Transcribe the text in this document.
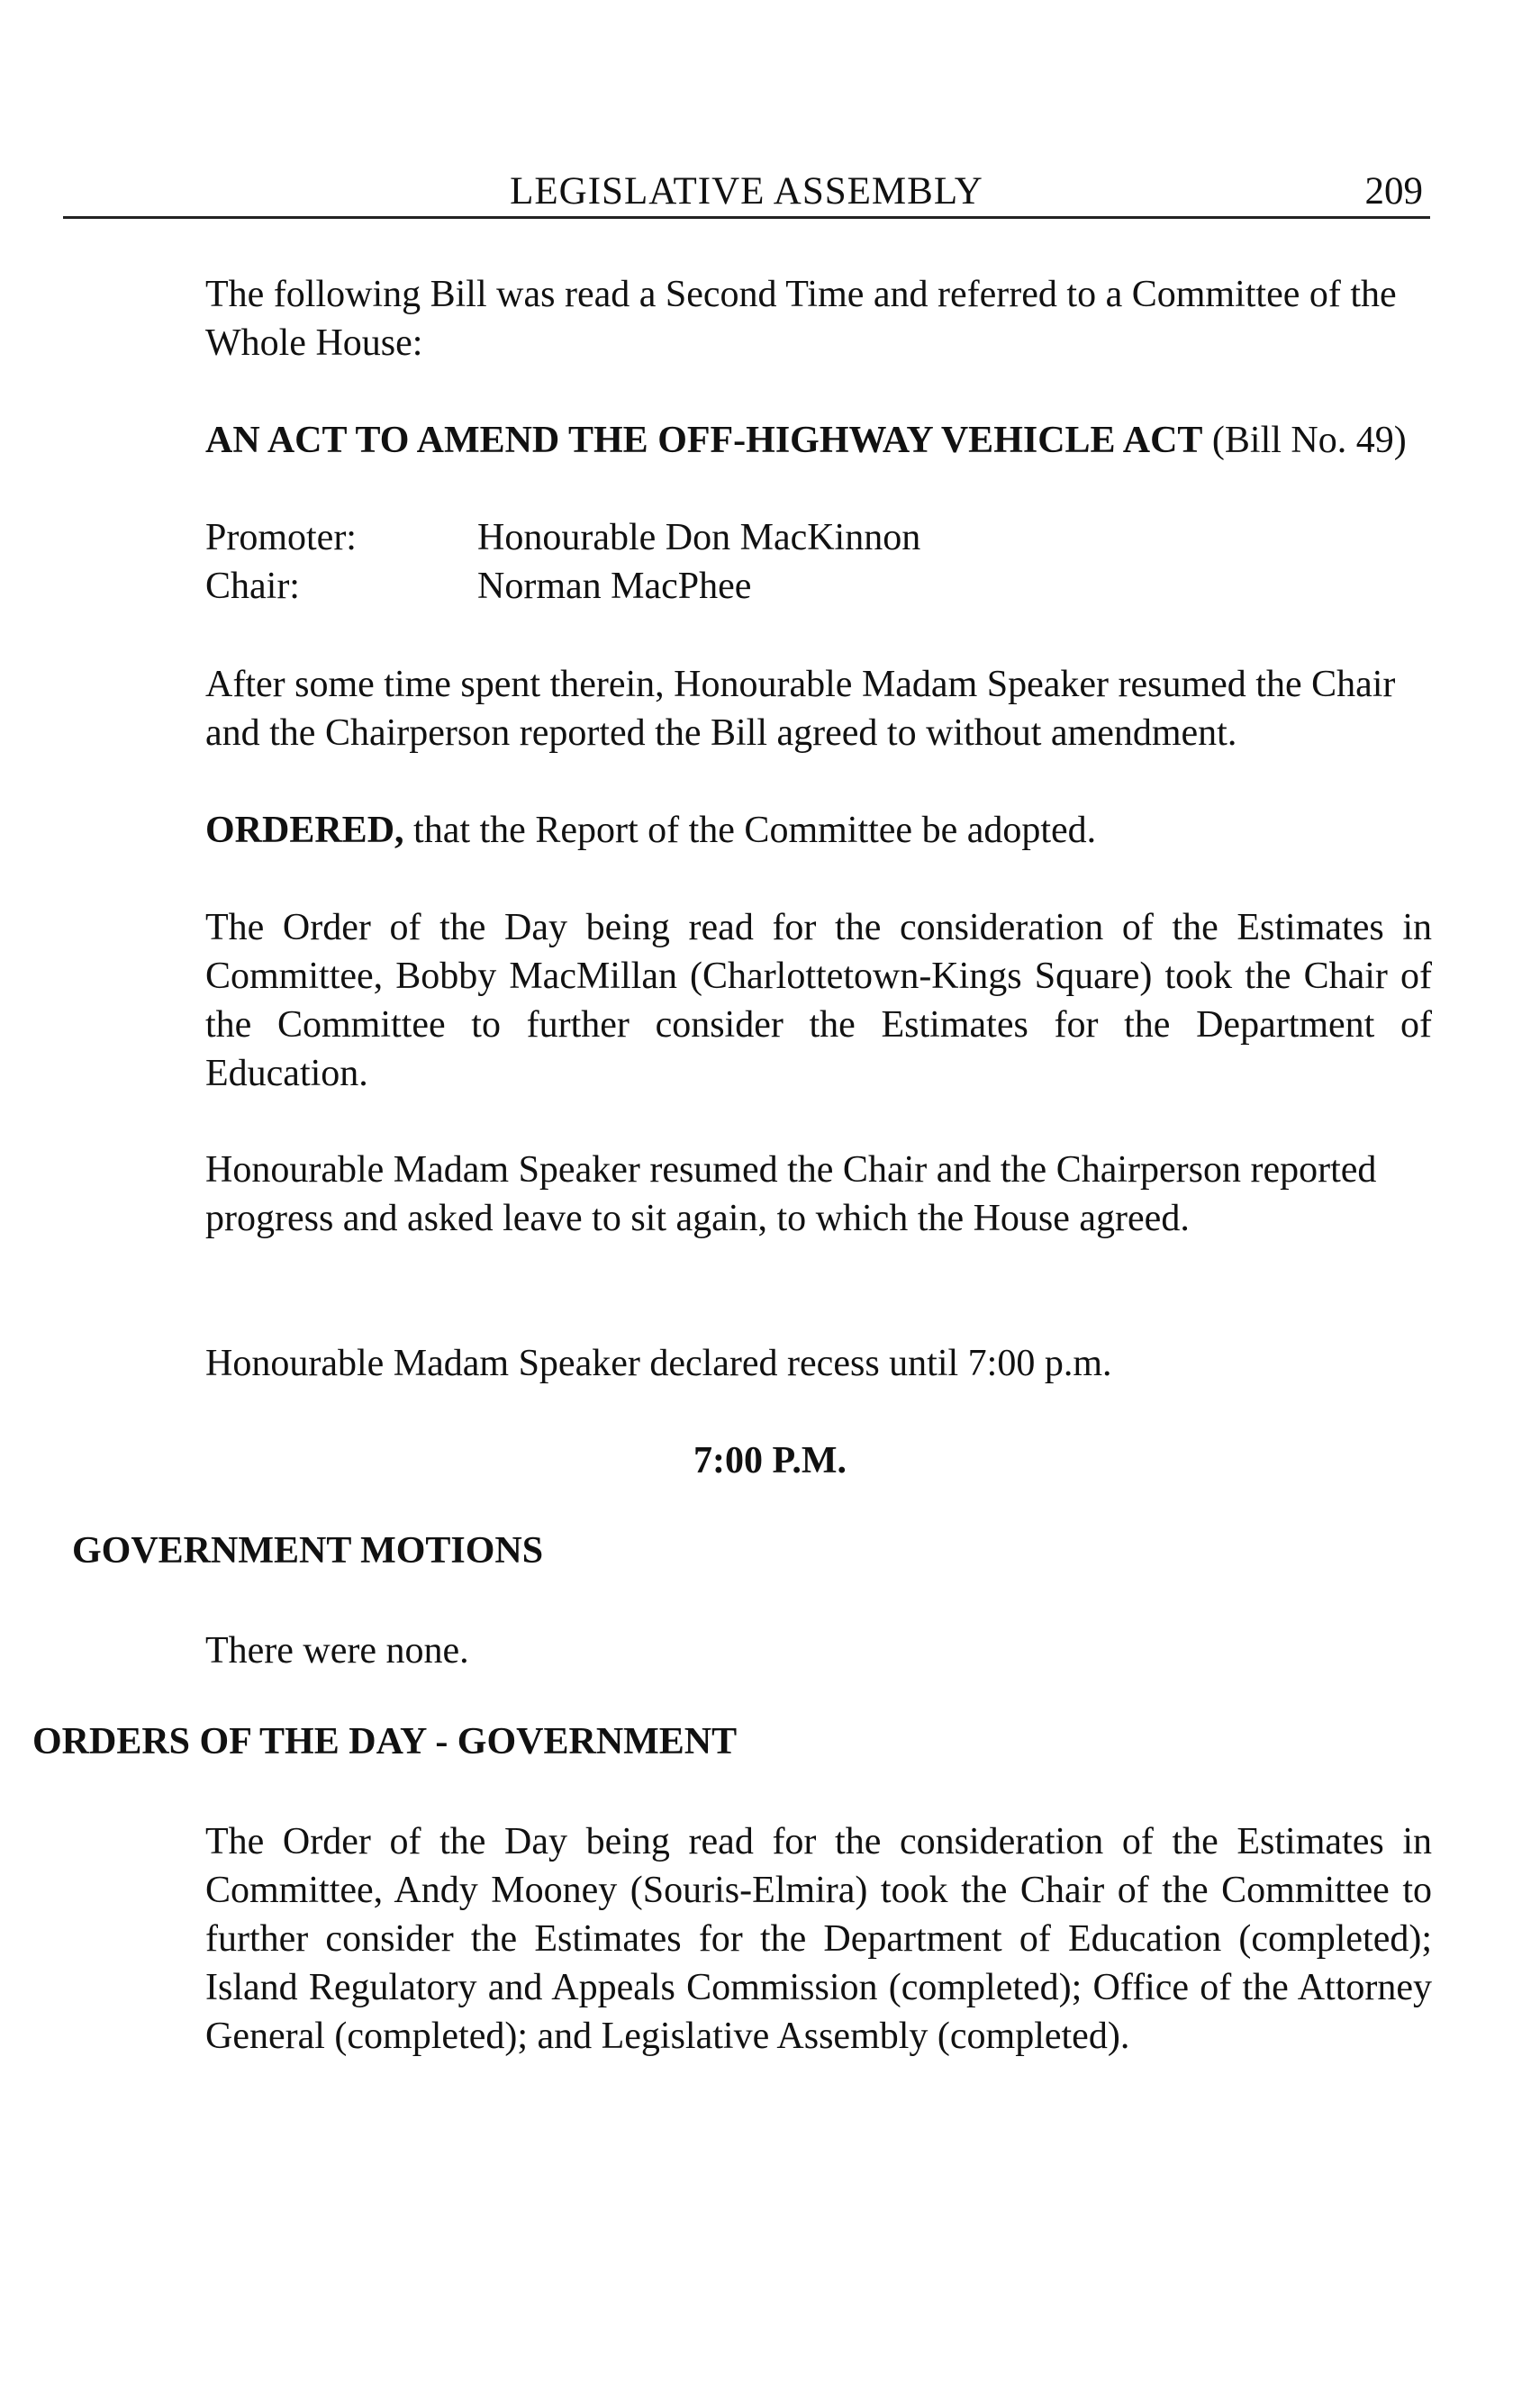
LEGISLATIVE ASSEMBLY	209

The following Bill was read a Second Time and referred to a Committee of the Whole House:

AN ACT TO AMEND THE OFF-HIGHWAY VEHICLE ACT (Bill No. 49)

Promoter:	Honourable Don MacKinnon
Chair:	Norman MacPhee

After some time spent therein, Honourable Madam Speaker resumed the Chair and the Chairperson reported the Bill agreed to without amendment.

ORDERED, that the Report of the Committee be adopted.

The Order of the Day being read for the consideration of the Estimates in Committee, Bobby MacMillan (Charlottetown-Kings Square) took the Chair of the Committee to further consider the Estimates for the Department of Education.

Honourable Madam Speaker resumed the Chair and the Chairperson reported progress and asked leave to sit again, to which the House agreed.

Honourable Madam Speaker declared recess until 7:00 p.m.

7:00 P.M.
GOVERNMENT MOTIONS

There were none.

ORDERS OF THE DAY - GOVERNMENT

The Order of the Day being read for the consideration of the Estimates in Committee, Andy Mooney (Souris-Elmira) took the Chair of the Committee to further consider the Estimates for the Department of Education (completed); Island Regulatory and Appeals Commission (completed); Office of the Attorney General (completed); and Legislative Assembly (completed).
